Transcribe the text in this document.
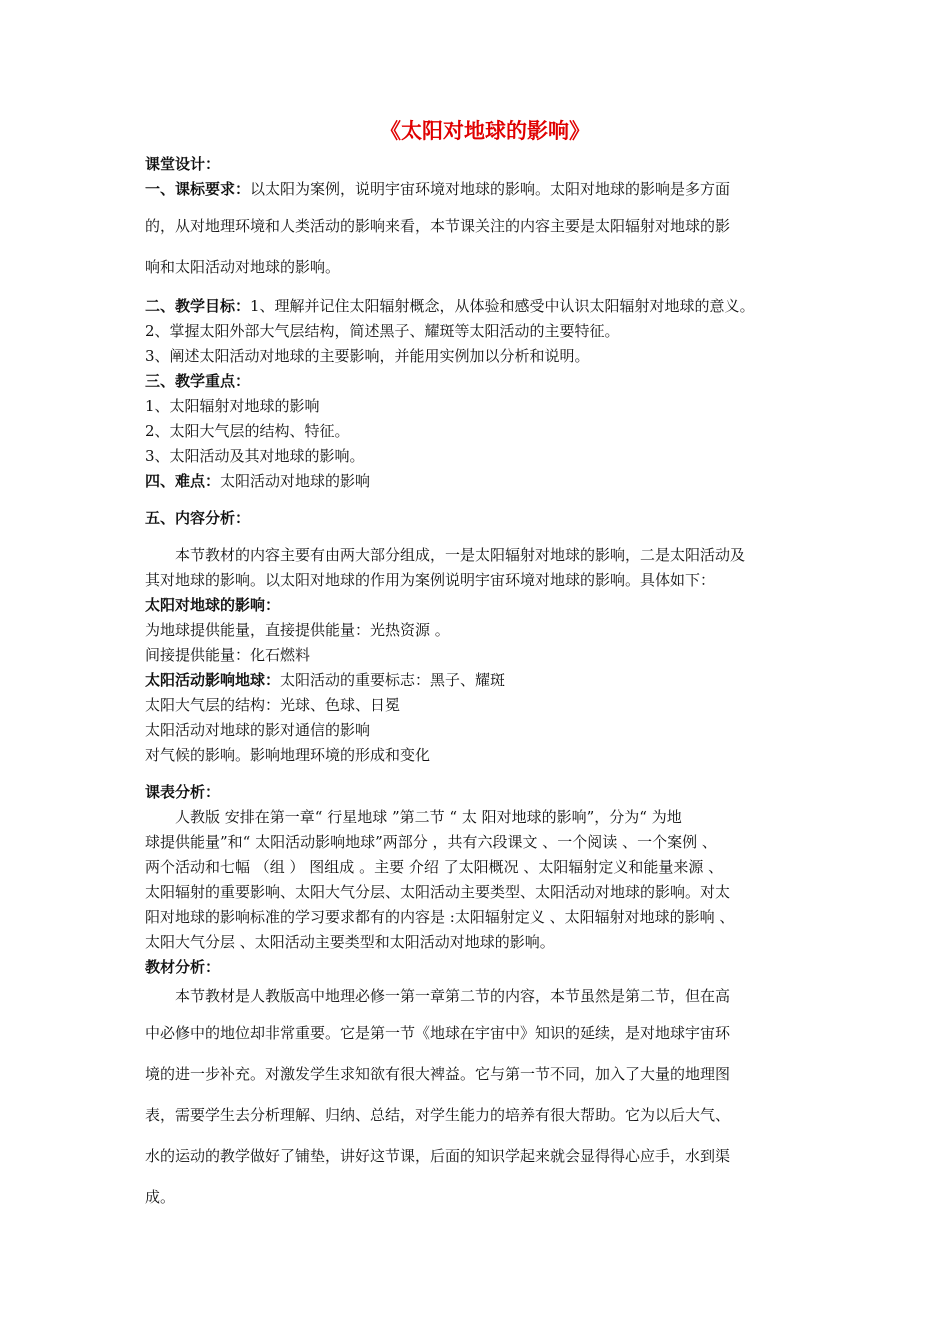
《太阳对地球的影响》
课堂设计：
一、课标要求：以太阳为案例，说明宇宙环境对地球的影响。太阳对地球的影响是多方面
的，从对地理环境和人类活动的影响来看，本节课关注的内容主要是太阳辐射对地球的影
响和太阳活动对地球的影响。
二、教学目标：1、理解并记住太阳辐射概念，从体验和感受中认识太阳辐射对地球的意义。
2、掌握太阳外部大气层结构，简述黑子、耀斑等太阳活动的主要特征。
3、阐述太阳活动对地球的主要影响，并能用实例加以分析和说明。
三、教学重点：
1、太阳辐射对地球的影响
2、太阳大气层的结构、特征。
3、太阳活动及其对地球的影响。
四、难点：太阳活动对地球的影响
五、内容分析：
本节教材的内容主要有由两大部分组成，一是太阳辐射对地球的影响，二是太阳活动及
其对地球的影响。以太阳对地球的作用为案例说明宇宙环境对地球的影响。具体如下：
太阳对地球的影响：
为地球提供能量，直接提供能量：光热资源 。
间接提供能量：化石燃料
太阳活动影响地球：太阳活动的重要标志：黑子、耀斑
太阳大气层的结构：光球、色球、日冕
太阳活动对地球的影对通信的影响
对气候的影响。影响地理环境的形成和变化
课表分析：
人教版 安排在第一章“ 行星地球 ”第二节 “ 太 阳对地球的影响”，分为“ 为地
球提供能量”和“ 太阳活动影响地球”两部分 ，共有六段课文 、一个阅读 、一个案例 、
两个活动和七幅 （组 ） 图组成 。主要 介绍 了太阳概况 、太阳辐射定义和能量来源 、
太阳辐射的重要影响、太阳大气分层、太阳活动主要类型、太阳活动对地球的影响。对太
阳对地球的影响标准的学习要求都有的内容是 :太阳辐射定义 、太阳辐射对地球的影响 、
太阳大气分层 、太阳活动主要类型和太阳活动对地球的影响。
教材分析：
本节教材是人教版高中地理必修一第一章第二节的内容，本节虽然是第二节，但在高
中必修中的地位却非常重要。它是第一节《地球在宇宙中》知识的延续，是对地球宇宙环
境的进一步补充。对激发学生求知欲有很大裨益。它与第一节不同，加入了大量的地理图
表，需要学生去分析理解、归纳、总结，对学生能力的培养有很大帮助。它为以后大气、
水的运动的教学做好了铺垫，讲好这节课，后面的知识学起来就会显得得心应手，水到渠
成。
